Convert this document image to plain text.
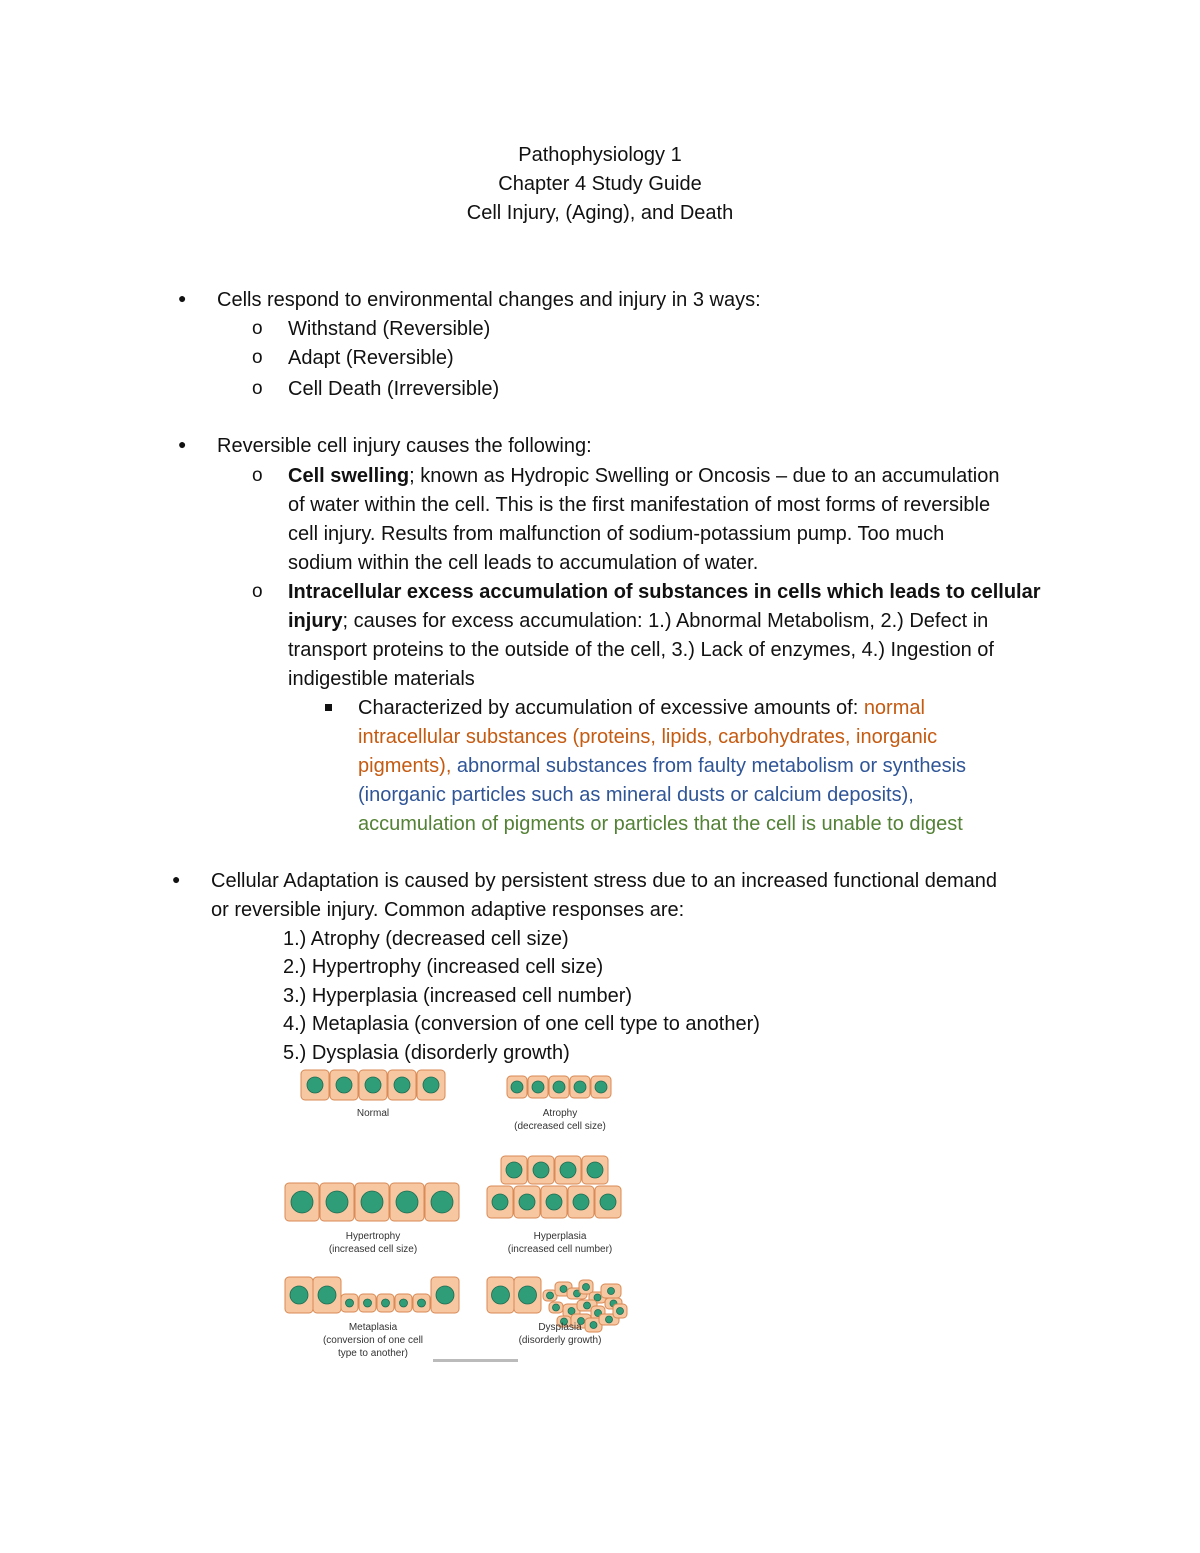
Pathophysiology 1
Chapter 4 Study Guide
Cell Injury, (Aging), and Death
● Cells respond to environmental changes and injury in 3 ways:
o Withstand (Reversible)
o Adapt (Reversible)
o Cell Death (Irreversible)
● Reversible cell injury causes the following:
o Cell swelling; known as Hydropic Swelling or Oncosis – due to an accumulation
of water within the cell. This is the first manifestation of most forms of reversible
cell injury. Results from malfunction of sodium-potassium pump. Too much
sodium within the cell leads to accumulation of water.
o Intracellular excess accumulation of substances in cells which leads to cellular
injury; causes for excess accumulation: 1.) Abnormal Metabolism, 2.) Defect in
transport proteins to the outside of the cell, 3.) Lack of enzymes, 4.) Ingestion of
indigestible materials
Characterized by accumulation of excessive amounts of: normal
intracellular substances (proteins, lipids, carbohydrates, inorganic
pigments), abnormal substances from faulty metabolism or synthesis
(inorganic particles such as mineral dusts or calcium deposits),
accumulation of pigments or particles that the cell is unable to digest
● Cellular Adaptation is caused by persistent stress due to an increased functional demand
or reversible injury. Common adaptive responses are:
1.) Atrophy (decreased cell size)
2.) Hypertrophy (increased cell size)
3.) Hyperplasia (increased cell number)
4.) Metaplasia (conversion of one cell type to another)
5.) Dysplasia (disorderly growth)
Normal	Atrophy
(decreased cell size)
Hypertrophy
(increased cell size)
Hyperplasia
(increased cell number)
Metaplasia
(conversion of one cell
type to another)
Dysplasia
(disorderly growth)
